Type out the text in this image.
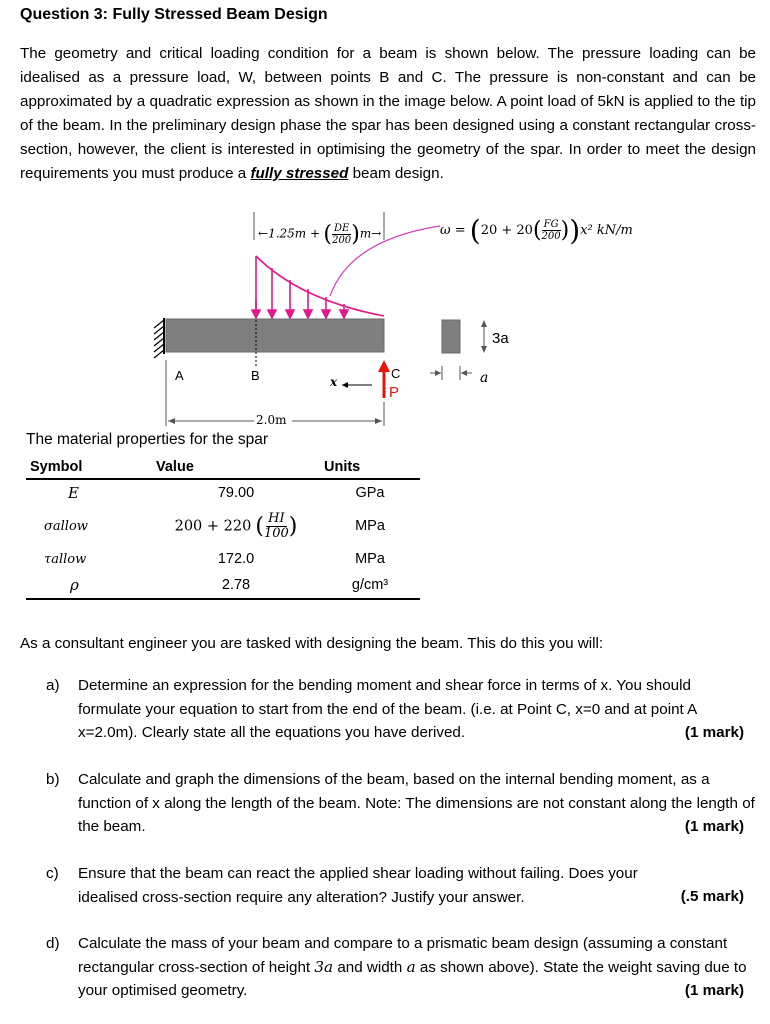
Question 3: Fully Stressed Beam Design
The geometry and critical loading condition for a beam is shown below. The pressure loading can be idealised as a pressure load, W, between points B and C. The pressure is non-constant and can be approximated by a quadratic expression as shown in the image below. A point load of 5kN is applied to the tip of the beam. In the preliminary design phase the spar has been designed using a constant rectangular cross-section, however, the client is interested in optimising the geometry of the spar. In order to meet the design requirements you must produce a fully stressed beam design.
←1.25m + ( $\frac{DE}{200} )m\to$	$\omega = (20 + 20( \frac{FG}{200} ))x^2$ kN/m
A	B	C
P
x
2.0m
3a
a
The material properties for the spar
Symbol	Value	Units
E	79.00	GPa
σallow	200 + 220 ( $\frac{HI}{100}$ )	MPa
τallow	172.0	MPa
ρ	2.78	g/cm³
As a consultant engineer you are tasked with designing the beam. This do this you will:
a) Determine an expression for the bending moment and shear force in terms of x. You should formulate your equation to start from the end of the beam. (i.e. at Point C, x=0 and at point A x=2.0m). Clearly state all the equations you have derived.	(1 mark)
b) Calculate and graph the dimensions of the beam, based on the internal bending moment, as a function of x along the length of the beam. Note: The dimensions are not constant along the length of the beam.	(1 mark)
c) Ensure that the beam can react the applied shear loading without failing. Does your idealised cross-section require any alteration? Justify your answer.	(.5 mark)
d) Calculate the mass of your beam and compare to a prismatic beam design (assuming a constant rectangular cross-section of height 3a and width a as shown above). State the weight saving due to your optimised geometry.	(1 mark)
